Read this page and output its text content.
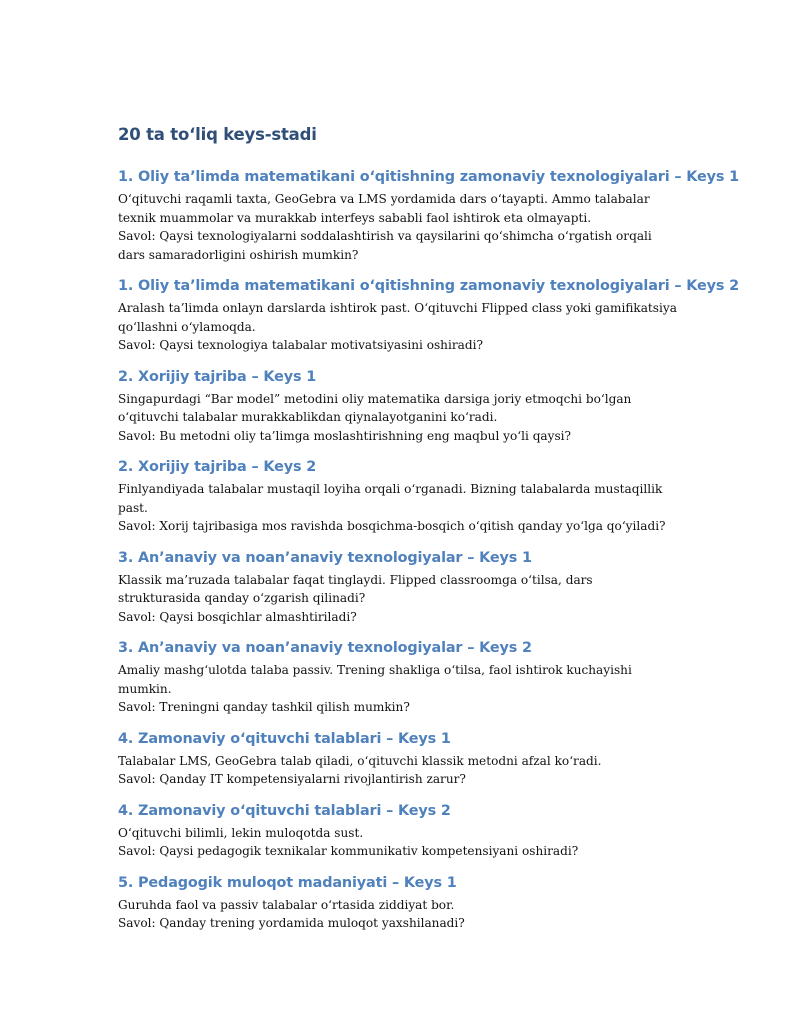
20 ta to‘liq keys-stadi
1. Oliy ta’limda matematikani o‘qitishning zamonaviy texnologiyalari – Keys 1

O‘qituvchi raqamli taxta, GeoGebra va LMS yordamida dars o‘tayapti. Ammo talabalar texnik muammolar va murakkab interfeys sababli faol ishtirok eta olmayapti.

Savol: Qaysi texnologiyalarni soddalashtirish va qaysilarini qo‘shimcha o‘rgatish orqali dars samaradorligini oshirish mumkin?

1. Oliy ta’limda matematikani o‘qitishning zamonaviy texnologiyalari – Keys 2

Aralash ta’limda onlayn darslarda ishtirok past. O‘qituvchi Flipped class yoki gamifikatsiya qo‘llashni o‘ylamoqda.

Savol: Qaysi texnologiya talabalar motivatsiyasini oshiradi?

2. Xorijiy tajriba – Keys 1

Singapurdagi “Bar model” metodini oliy matematika darsiga joriy etmoqchi bo‘lgan o‘qituvchi talabalar murakkablikdan qiynalayotganini ko‘radi.

Savol: Bu metodni oliy ta’limga moslashtirishning eng maqbul yo‘li qaysi?

2. Xorijiy tajriba – Keys 2

Finlyandiyada talabalar mustaqil loyiha orqali o‘rganadi. Bizning talabalarda mustaqillik past.

Savol: Xorij tajribasiga mos ravishda bosqichma-bosqich o‘qitish qanday yo‘lga qo‘yiladi?

3. An’anaviy va noan’anaviy texnologiyalar – Keys 1

Klassik ma’ruzada talabalar faqat tinglaydi. Flipped classroomga o‘tilsa, dars strukturasida qanday o‘zgarish qilinadi?

Savol: Qaysi bosqichlar almashtiriladi?

3. An’anaviy va noan’anaviy texnologiyalar – Keys 2

Amaliy mashg‘ulotda talaba passiv. Trening shakliga o‘tilsa, faol ishtirok kuchayishi mumkin.

Savol: Treningni qanday tashkil qilish mumkin?

4. Zamonaviy o‘qituvchi talablari – Keys 1

Talabalar LMS, GeoGebra talab qiladi, o‘qituvchi klassik metodni afzal ko‘radi.

Savol: Qanday IT kompetensiyalarni rivojlantirish zarur?

4. Zamonaviy o‘qituvchi talablari – Keys 2

O‘qituvchi bilimli, lekin muloqotda sust.

Savol: Qaysi pedagogik texnikalar kommunikativ kompetensiyani oshiradi?

5. Pedagogik muloqot madaniyati – Keys 1

Guruhda faol va passiv talabalar o‘rtasida ziddiyat bor.

Savol: Qanday trening yordamida muloqot yaxshilanadi?
